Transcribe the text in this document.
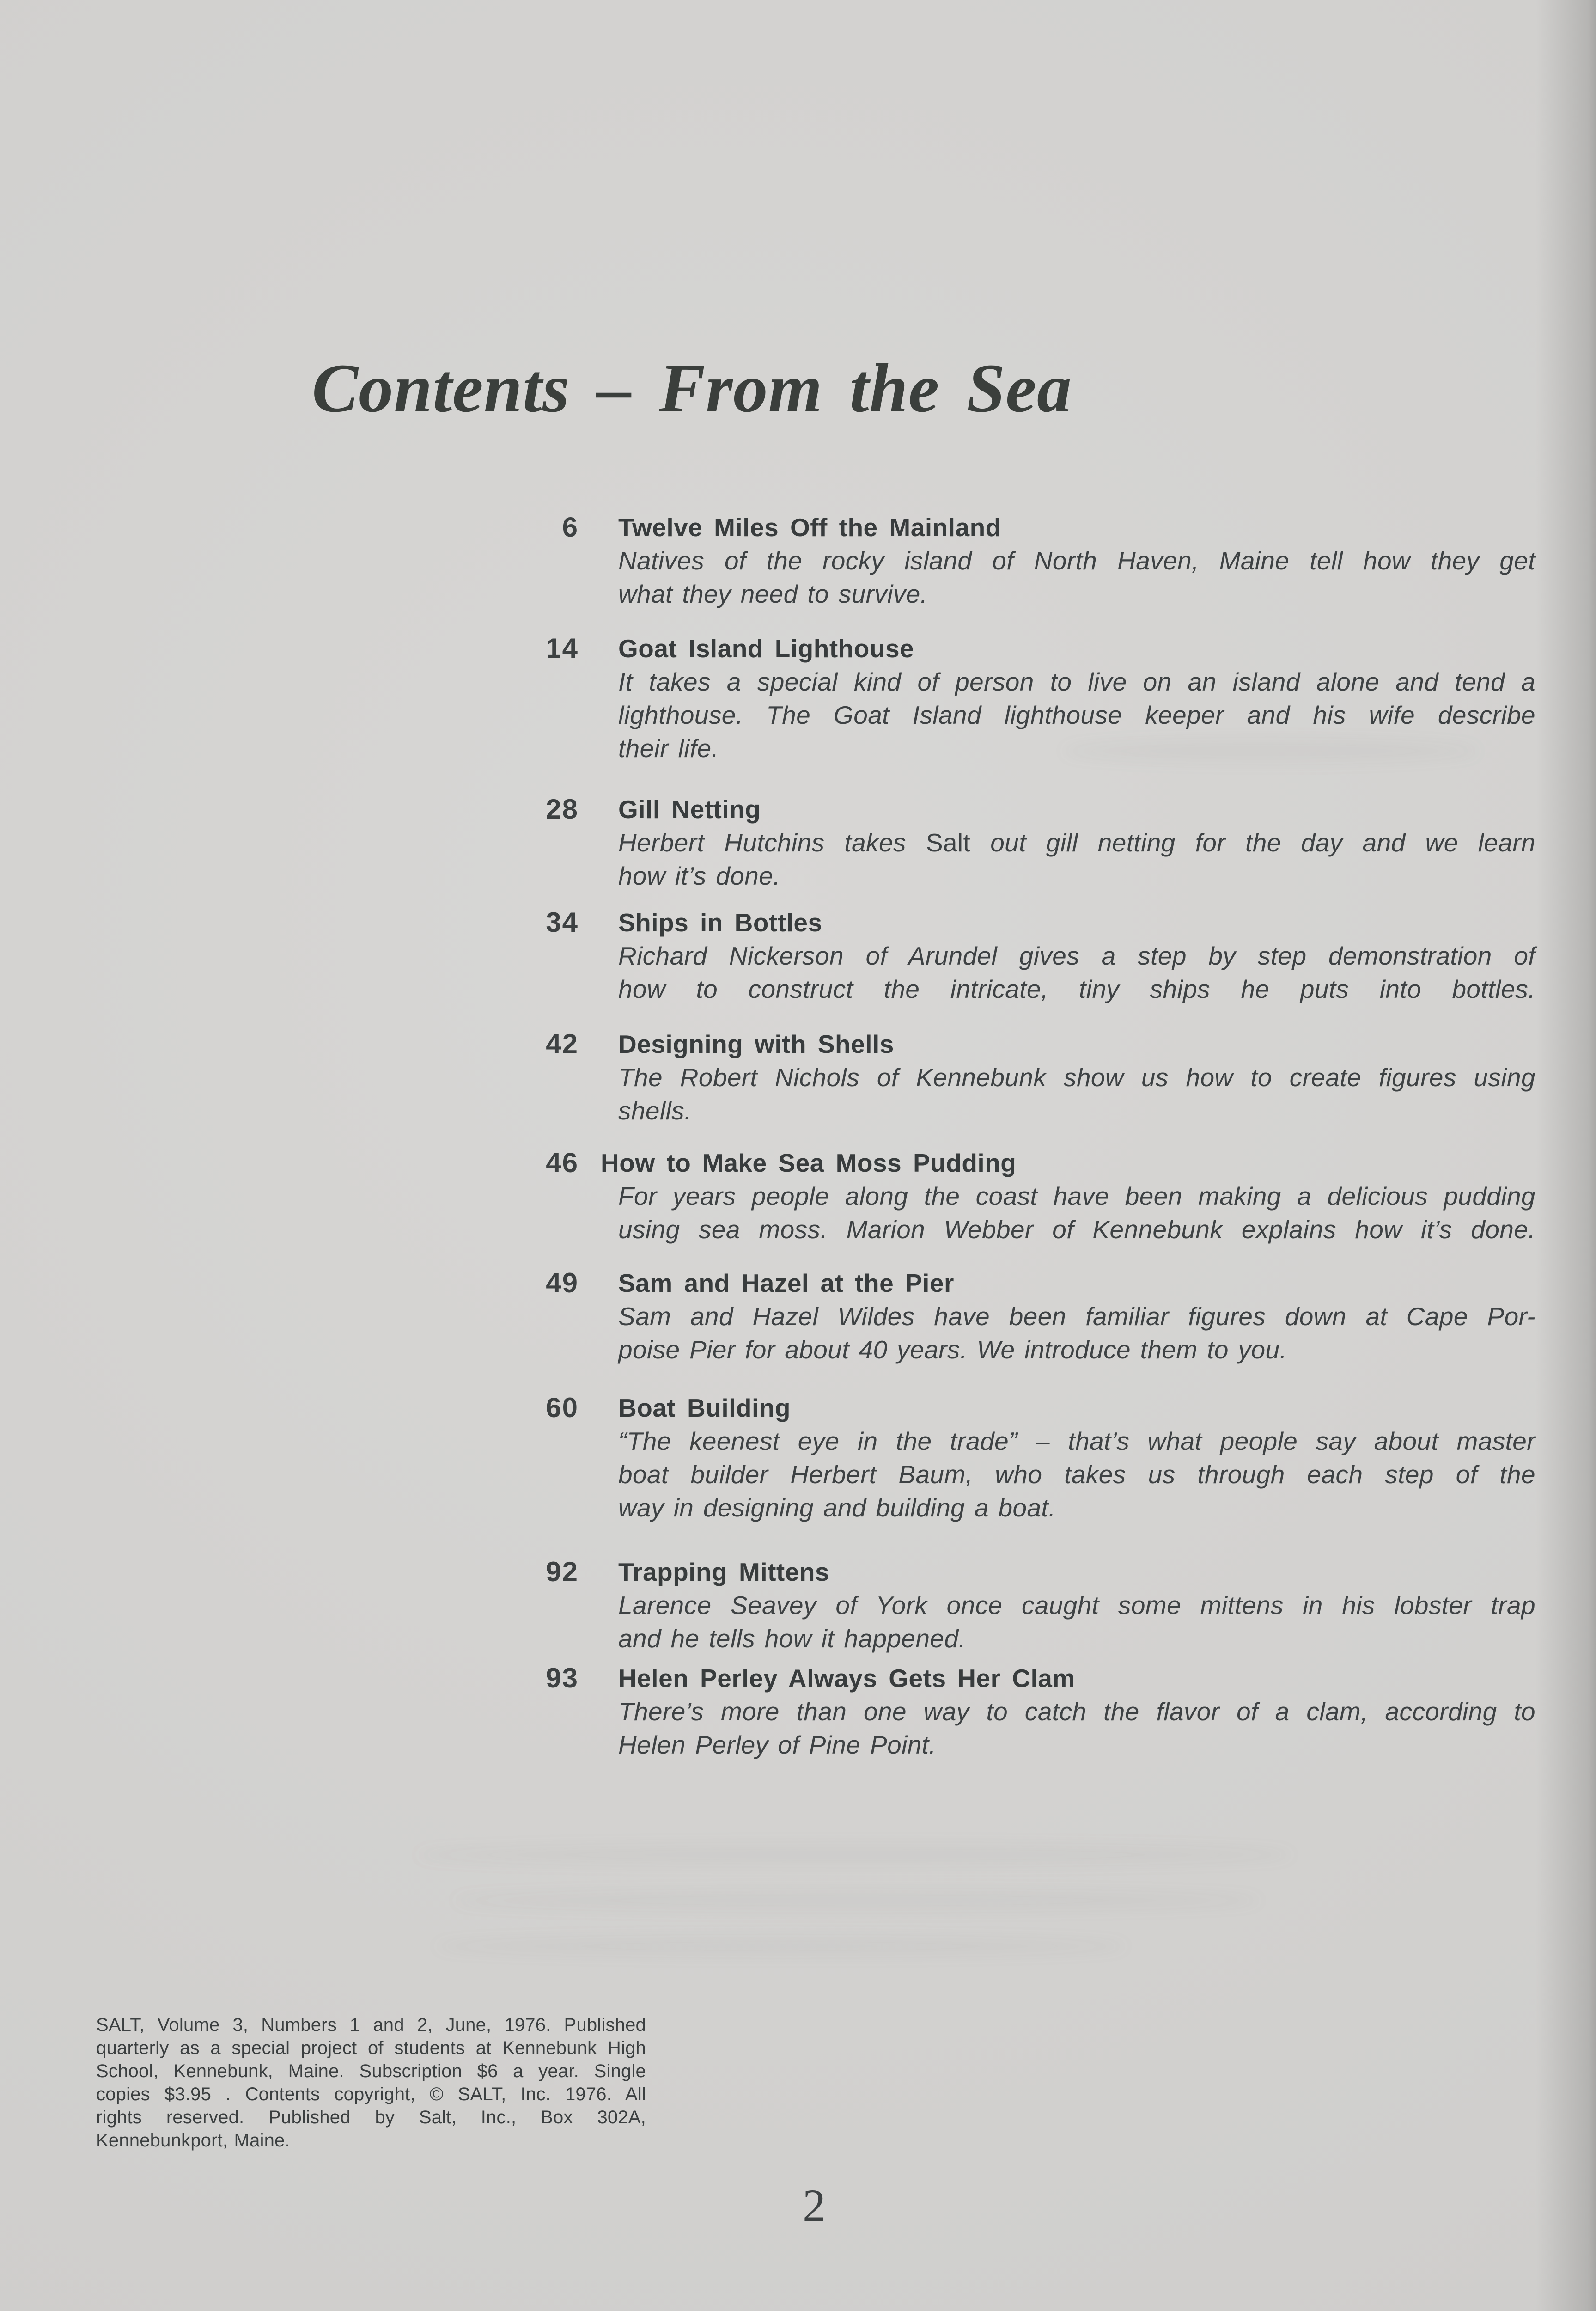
Contents – From the Sea
6 Twelve Miles Off the Mainland
Natives of the rocky island of North Haven, Maine tell how they get
what they need to survive.
14 Goat Island Lighthouse
It takes a special kind of person to live on an island alone and tend a
lighthouse. The Goat Island lighthouse keeper and his wife describe
their life.
28 Gill Netting
Herbert Hutchins takes Salt out gill netting for the day and we learn
how it’s done.
34 Ships in Bottles
Richard Nickerson of Arundel gives a step by step demonstration of
how to construct the intricate, tiny ships he puts into bottles.
42 Designing with Shells
The Robert Nichols of Kennebunk show us how to create figures using
shells.
46 How to Make Sea Moss Pudding
For years people along the coast have been making a delicious pudding
using sea moss. Marion Webber of Kennebunk explains how it’s done.
49 Sam and Hazel at the Pier
Sam and Hazel Wildes have been familiar figures down at Cape Por-
poise Pier for about 40 years. We introduce them to you.
60 Boat Building
“The keenest eye in the trade” – that’s what people say about master
boat builder Herbert Baum, who takes us through each step of the
way in designing and building a boat.
92 Trapping Mittens
Larence Seavey of York once caught some mittens in his lobster trap
and he tells how it happened.
93 Helen Perley Always Gets Her Clam
There’s more than one way to catch the flavor of a clam, according to
Helen Perley of Pine Point.
SALT, Volume 3, Numbers 1 and 2, June, 1976. Published
quarterly as a special project of students at Kennebunk High
School, Kennebunk, Maine. Subscription $6 a year. Single
copies $3.95 . Contents copyright, © SALT, Inc. 1976. All
rights reserved. Published by Salt, Inc., Box 302A,
Kennebunkport, Maine.
2
